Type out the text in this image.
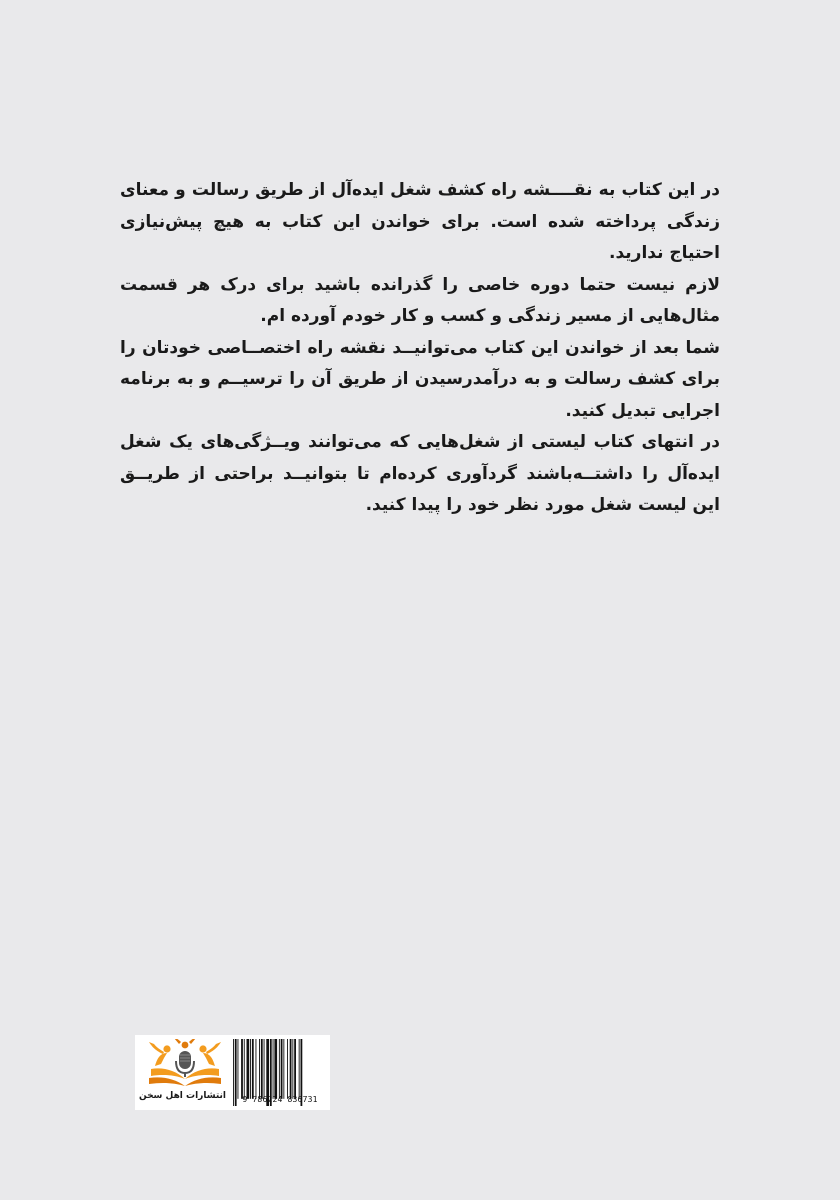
در این کتاب به نقــــشه راه کشف شغل ایده‌آل از طریق رسالت و معنای زندگی پرداخته شده است. برای خواندن این کتاب به هیچ پیش‌نیازی احتیاج ندارید.

لازم نیست حتما دوره خاصی را گذرانده باشید برای درک هر قسمت مثال‌هایی از مسیر زندگی و کسب و کار خودم آورده ام.

شما بعد از خواندن این کتاب می‌توانیــد نقشه راه اختصــاصی خودتان را برای کشف رسالت و به درآمدرسیدن از طریق آن را ترسیــم و به برنامه اجرایی تبدیل کنید.

در انتهای کتاب لیستی از شغل‌هایی که می‌توانند ویــژگی‌های یک شغل ایده‌آل را داشتــه‌باشند گردآوری کرده‌ام تا بتوانیــد براحتی از طریــق این لیست شغل مورد نظر خود را پیدا کنید.

انتشارات اهل سخن	9 786224 836731
